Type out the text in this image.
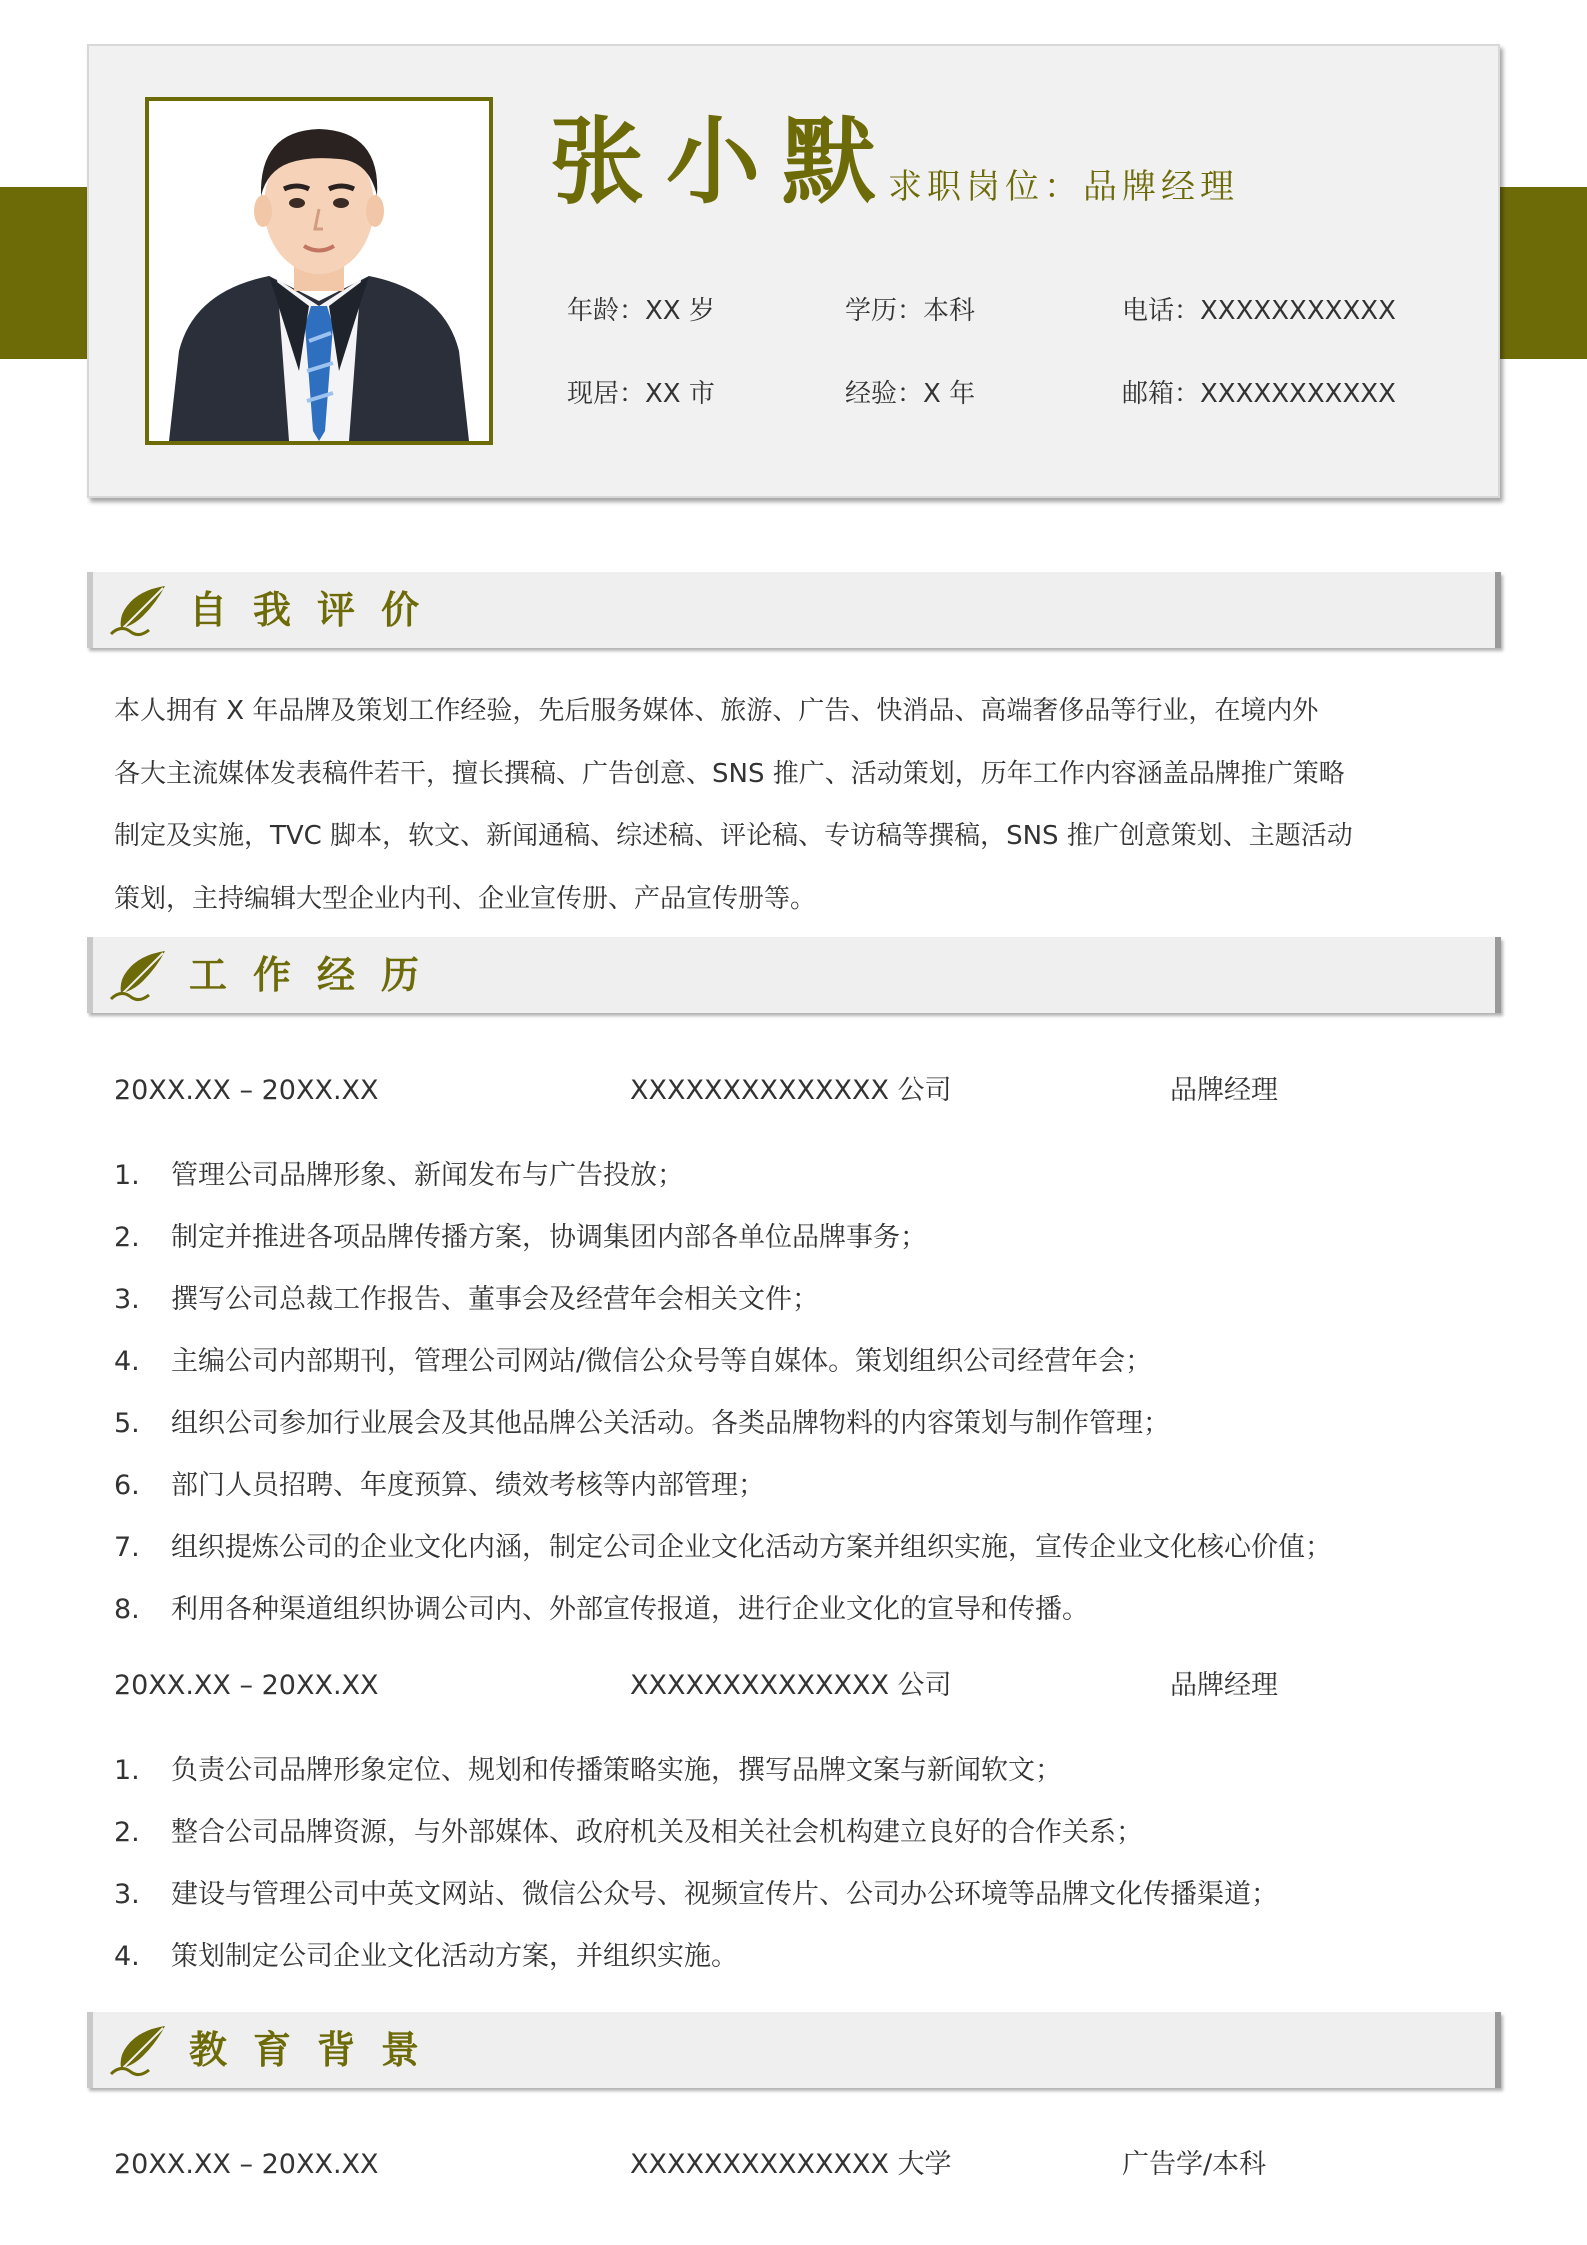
张小默
求职岗位：品牌经理
年龄：XX 岁	学历：本科	电话：XXXXXXXXXXX
现居：XX 市	经验：X 年	邮箱：XXXXXXXXXXX
自我评价

本人拥有 X 年品牌及策划工作经验，先后服务媒体、旅游、广告、快消品、高端奢侈品等行业，在境内外

各大主流媒体发表稿件若干，擅长撰稿、广告创意、SNS 推广、活动策划，历年工作内容涵盖品牌推广策略

制定及实施，TVC 脚本，软文、新闻通稿、综述稿、评论稿、专访稿等撰稿，SNS 推广创意策划、主题活动

策划，主持编辑大型企业内刊、企业宣传册、产品宣传册等。

工作经历
20XX.XX – 20XX.XX	XXXXXXXXXXXXXX 公司	品牌经理
1. 管理公司品牌形象、新闻发布与广告投放；
2. 制定并推进各项品牌传播方案，协调集团内部各单位品牌事务；
3. 撰写公司总裁工作报告、董事会及经营年会相关文件；
4. 主编公司内部期刊，管理公司网站/微信公众号等自媒体。策划组织公司经营年会；
5. 组织公司参加行业展会及其他品牌公关活动。各类品牌物料的内容策划与制作管理；
6. 部门人员招聘、年度预算、绩效考核等内部管理；
7. 组织提炼公司的企业文化内涵，制定公司企业文化活动方案并组织实施，宣传企业文化核心价值；
8. 利用各种渠道组织协调公司内、外部宣传报道，进行企业文化的宣导和传播。
20XX.XX – 20XX.XX	XXXXXXXXXXXXXX 公司	品牌经理
1. 负责公司品牌形象定位、规划和传播策略实施，撰写品牌文案与新闻软文；
2. 整合公司品牌资源，与外部媒体、政府机关及相关社会机构建立良好的合作关系；
3. 建设与管理公司中英文网站、微信公众号、视频宣传片、公司办公环境等品牌文化传播渠道；
4. 策划制定公司企业文化活动方案，并组织实施。
教育背景
20XX.XX – 20XX.XX	XXXXXXXXXXXXXX 大学	广告学/本科
